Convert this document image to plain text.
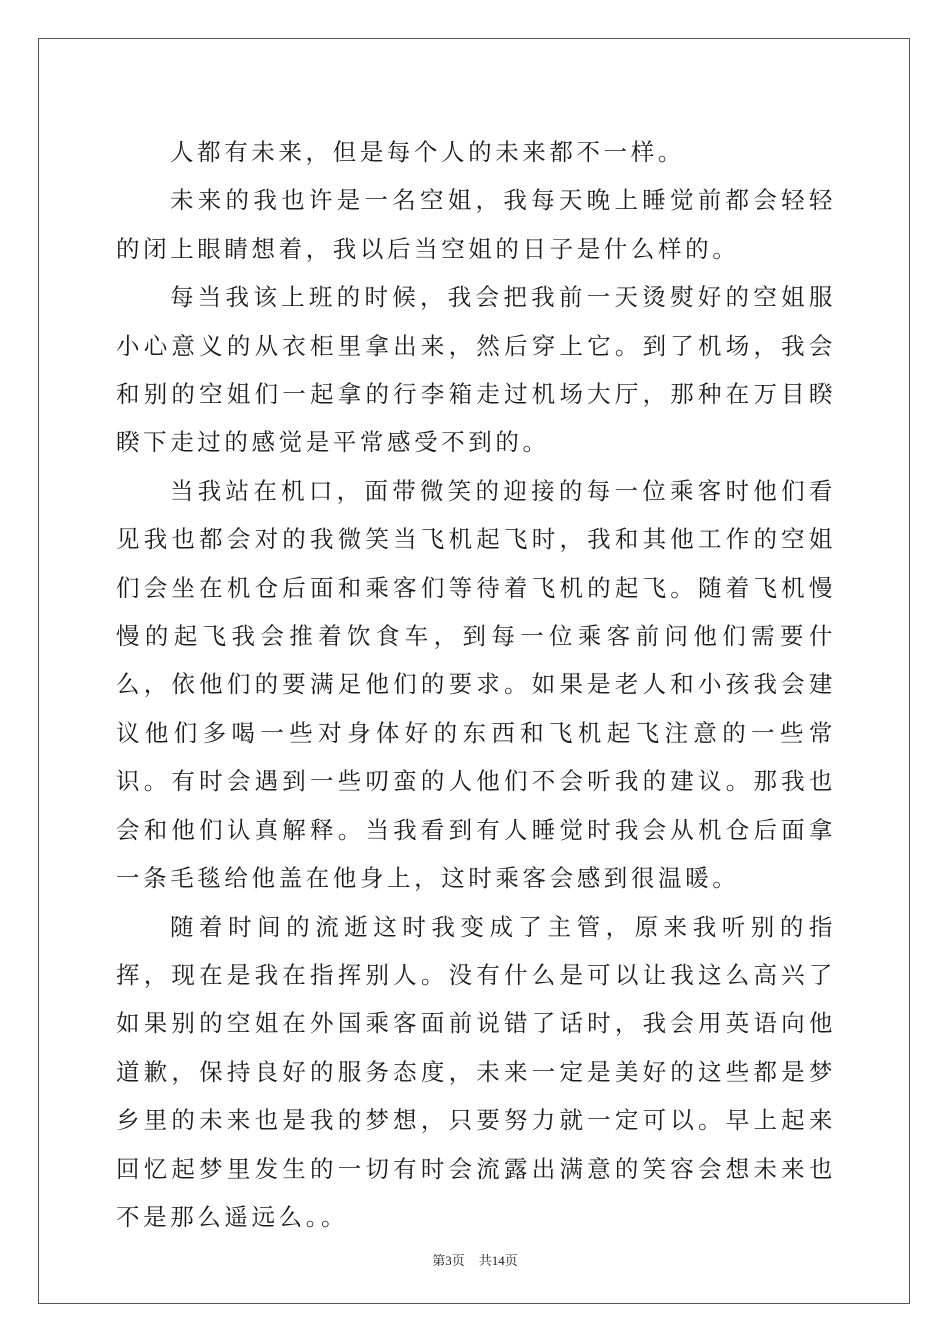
人都有未来，但是每个人的未来都不一样。

未来的我也许是一名空姐，我每天晚上睡觉前都会轻轻的闭上眼睛想着，我以后当空姐的日子是什么样的。

每当我该上班的时候，我会把我前一天烫熨好的空姐服小心意义的从衣柜里拿出来，然后穿上它。到了机场，我会和别的空姐们一起拿的行李箱走过机场大厅，那种在万目睽睽下走过的感觉是平常感受不到的。

当我站在机口，面带微笑的迎接的每一位乘客时他们看见我也都会对的我微笑当飞机起飞时，我和其他工作的空姐们会坐在机仓后面和乘客们等待着飞机的起飞。随着飞机慢慢的起飞我会推着饮食车，到每一位乘客前问他们需要什么，依他们的要满足他们的要求。如果是老人和小孩我会建议他们多喝一些对身体好的东西和飞机起飞注意的一些常识。有时会遇到一些叨蛮的人他们不会听我的建议。那我也会和他们认真解释。当我看到有人睡觉时我会从机仓后面拿一条毛毯给他盖在他身上，这时乘客会感到很温暖。

随着时间的流逝这时我变成了主管，原来我听别的指挥，现在是我在指挥别人。没有什么是可以让我这么高兴了如果别的空姐在外国乘客面前说错了话时，我会用英语向他道歉，保持良好的服务态度，未来一定是美好的这些都是梦乡里的未来也是我的梦想，只要努力就一定可以。早上起来回忆起梦里发生的一切有时会流露出满意的笑容会想未来也不是那么遥远么。。

第3页 共14页
